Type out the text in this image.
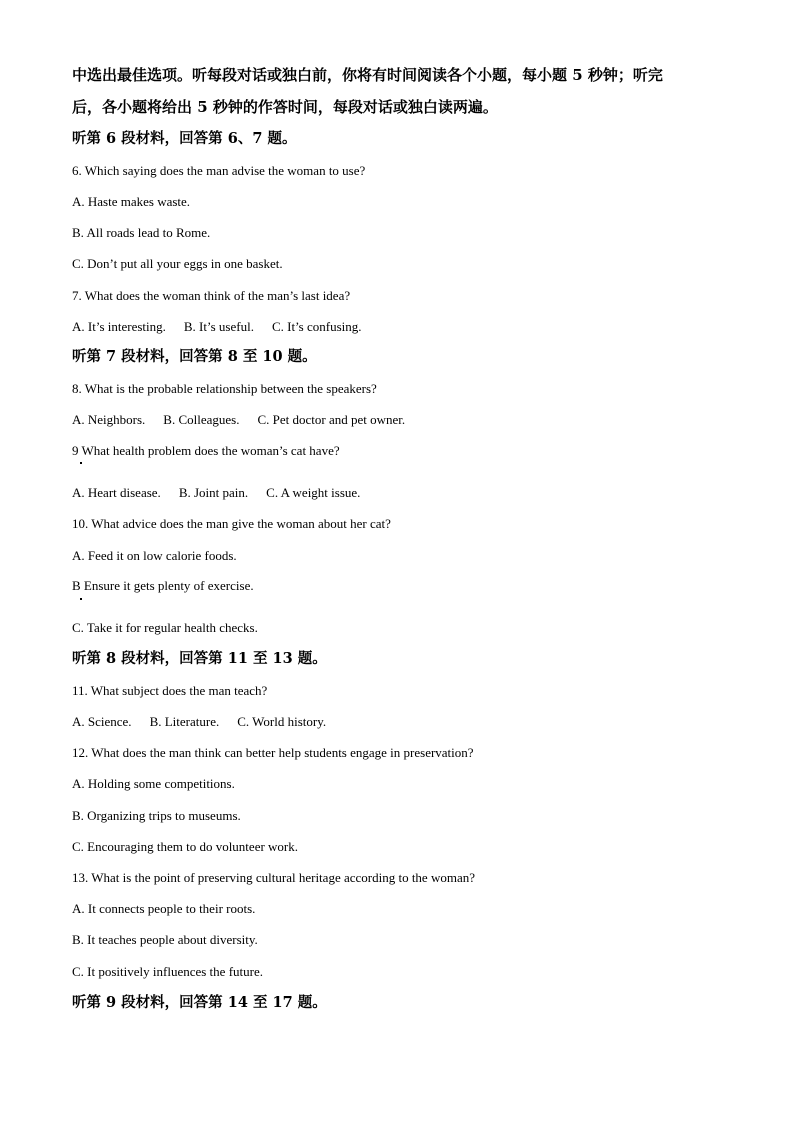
中选出最佳选项。听每段对话或独白前，你将有时间阅读各个小题，每小题 5 秒钟；听完
后，各小题将给出 5 秒钟的作答时间，每段对话或独白读两遍。
听第 6 段材料，回答第 6、7 题。
6. Which saying does the man advise the woman to use?
A. Haste makes waste.
B. All roads lead to Rome.
C. Don’t put all your eggs in one basket.
7. What does the woman think of the man’s last idea?
A. It’s interesting. B. It’s useful. C. It’s confusing.
听第 7 段材料，回答第 8 至 10 题。
8. What is the probable relationship between the speakers?
A. Neighbors. B. Colleagues. C. Pet doctor and pet owner.
9 What health problem does the woman’s cat have?
A. Heart disease. B. Joint pain. C. A weight issue.
10. What advice does the man give the woman about her cat?
A. Feed it on low calorie foods.
B Ensure it gets plenty of exercise.
C. Take it for regular health checks.
听第 8 段材料，回答第 11 至 13 题。
11. What subject does the man teach?
A. Science. B. Literature. C. World history.
12. What does the man think can better help students engage in preservation?
A. Holding some competitions.
B. Organizing trips to museums.
C. Encouraging them to do volunteer work.
13. What is the point of preserving cultural heritage according to the woman?
A. It connects people to their roots.
B. It teaches people about diversity.
C. It positively influences the future.
听第 9 段材料，回答第 14 至 17 题。
